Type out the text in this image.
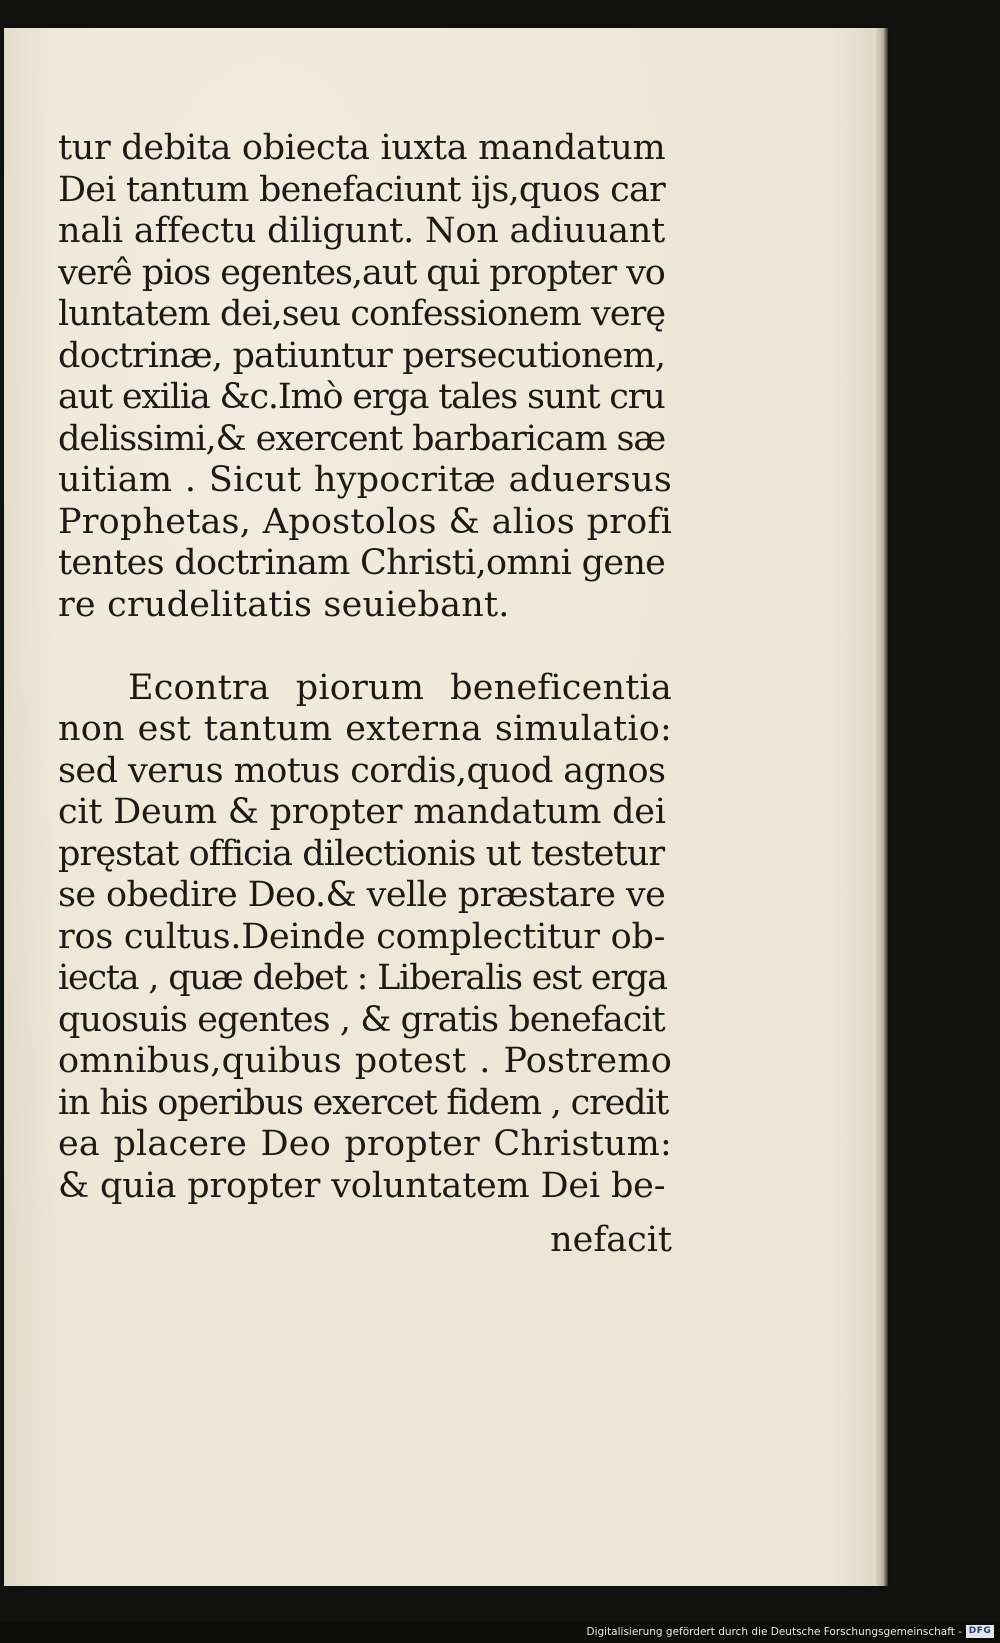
tur debita obiecta iuxta mandatum
Dei tantum benefaciunt ijs,quos car
nali affectu diligunt. Non adiuuant
verê pios egentes,aut qui propter vo
luntatem dei,seu confessionem verę
doctrinæ, patiuntur persecutionem,
aut exilia &c.Imò erga tales sunt cru
delissimi,& exercent barbaricam sæ
uitiam . Sicut hypocritæ aduersus
Prophetas, Apostolos & alios profi
tentes doctrinam Christi,omni gene
re crudelitatis seuiebant.
Econtra piorum beneficentia
non est tantum externa simulatio:
sed verus motus cordis,quod agnos
cit Deum & propter mandatum dei
pręstat officia dilectionis ut testetur
se obedire Deo.& velle præstare ve
ros cultus.Deinde complectitur ob-
iecta , quæ debet : Liberalis est erga
quosuis egentes , & gratis benefacit
omnibus,quibus potest . Postremo
in his operibus exercet fidem , credit
ea placere Deo propter Christum:
& quia propter voluntatem Dei be-
nefacit
Digitalisierung gefördert durch die Deutsche Forschungsgemeinschaft - DFG
